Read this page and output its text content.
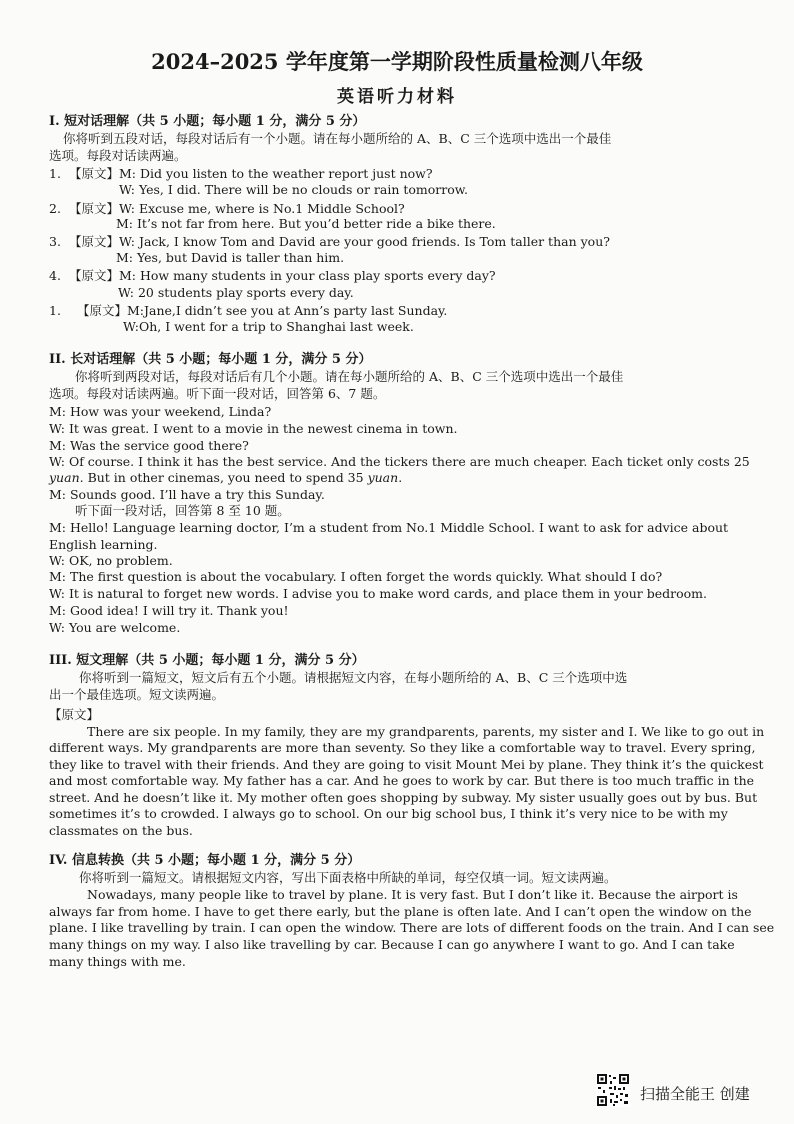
2024–2025 学年度第一学期阶段性质量检测八年级
英语听力材料
I. 短对话理解（共 5 小题；每小题 1 分，满分 5 分）
你将听到五段对话，每段对话后有一个小题。请在每小题所给的 A、B、C 三个选项中选出一个最佳
选项。每段对话读两遍。
1. 【原文】M: Did you listen to the weather report just now?
W: Yes, I did. There will be no clouds or rain tomorrow.
2. 【原文】W: Excuse me, where is No.1 Middle School?
M: It’s not far from here. But you’d better ride a bike there.
3. 【原文】W: Jack, I know Tom and David are your good friends. Is Tom taller than you?
M: Yes, but David is taller than him.
4. 【原文】M: How many students in your class play sports every day?
W: 20 students play sports every day.
1. 【原文】M:Jane,I didn’t see you at Ann’s party last Sunday.
W:Oh, I went for a trip to Shanghai last week.
II. 长对话理解（共 5 小题；每小题 1 分，满分 5 分）
你将听到两段对话，每段对话后有几个小题。请在每小题所给的 A、B、C 三个选项中选出一个最佳
选项。每段对话读两遍。听下面一段对话，回答第 6、7 题。
M: How was your weekend, Linda?
W: It was great. I went to a movie in the newest cinema in town.
M: Was the service good there?
W: Of course. I think it has the best service. And the tickers there are much cheaper. Each ticket only costs 25
yuan. But in other cinemas, you need to spend 35 yuan.
M: Sounds good. I’ll have a try this Sunday.
听下面一段对话，回答第 8 至 10 题。
M: Hello! Language learning doctor, I’m a student from No.1 Middle School. I want to ask for advice about
English learning.
W: OK, no problem.
M: The first question is about the vocabulary. I often forget the words quickly. What should I do?
W: It is natural to forget new words. I advise you to make word cards, and place them in your bedroom.
M: Good idea! I will try it. Thank you!
W: You are welcome.
III. 短文理解（共 5 小题；每小题 1 分，满分 5 分）
你将听到一篇短文，短文后有五个小题。请根据短文内容，在每小题所给的 A、B、C 三个选项中选
出一个最佳选项。短文读两遍。
【原文】
There are six people. In my family, they are my grandparents, parents, my sister and I. We like to go out in
different ways. My grandparents are more than seventy. So they like a comfortable way to travel. Every spring,
they like to travel with their friends. And they are going to visit Mount Mei by plane. They think it’s the quickest
and most comfortable way. My father has a car. And he goes to work by car. But there is too much traffic in the
street. And he doesn’t like it. My mother often goes shopping by subway. My sister usually goes out by bus. But
sometimes it’s to crowded. I always go to school. On our big school bus, I think it’s very nice to be with my
classmates on the bus.
IV. 信息转换（共 5 小题；每小题 1 分，满分 5 分）
你将听到一篇短文。请根据短文内容，写出下面表格中所缺的单词，每空仅填一词。短文读两遍。
Nowadays, many people like to travel by plane. It is very fast. But I don’t like it. Because the airport is
always far from home. I have to get there early, but the plane is often late. And I can’t open the window on the
plane. I like travelling by train. I can open the window. There are lots of different foods on the train. And I can see
many things on my way. I also like travelling by car. Because I can go anywhere I want to go. And I can take
many things with me.
扫描全能王 创建
